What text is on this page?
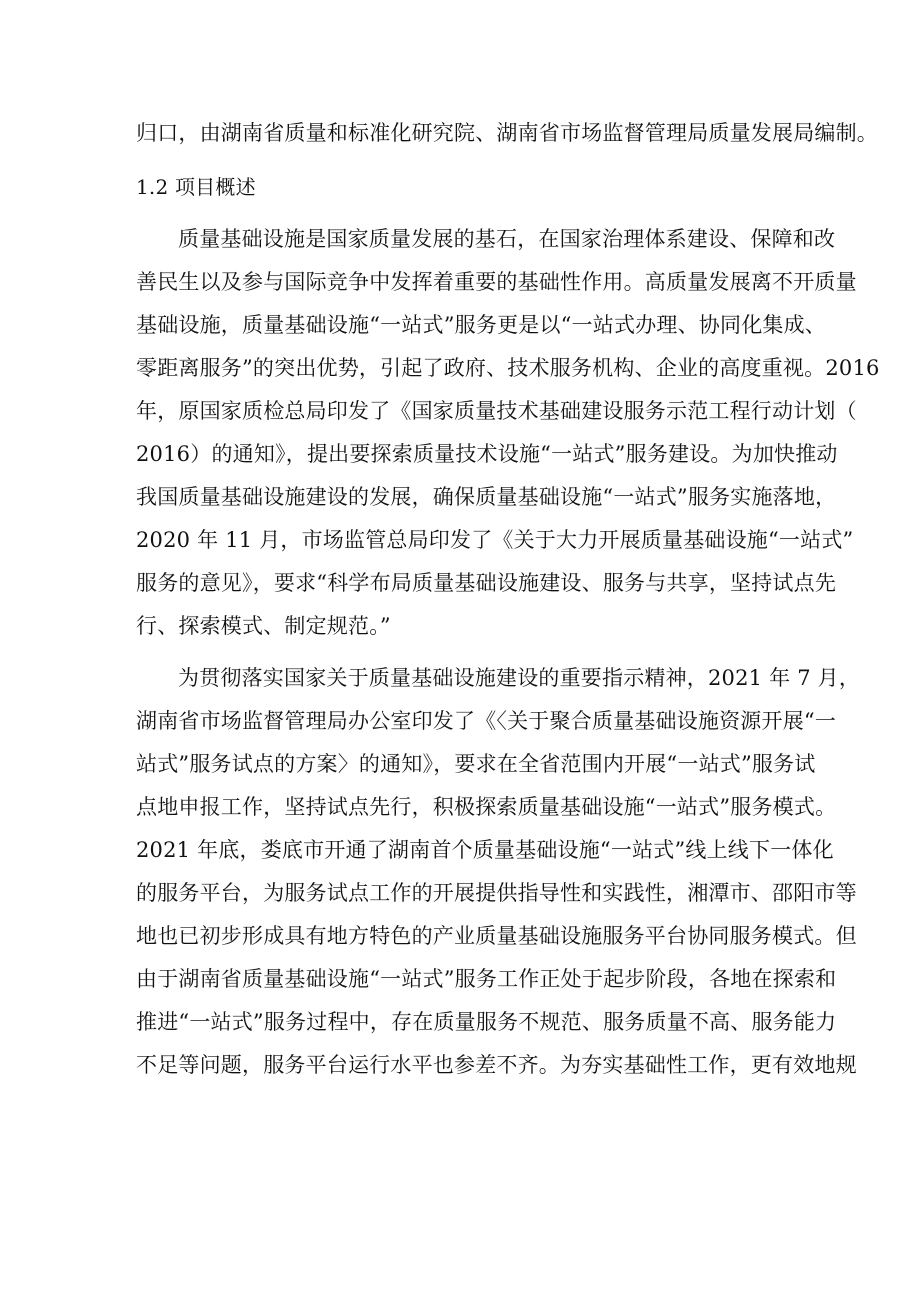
归口，由湖南省质量和标准化研究院、湖南省市场监督管理局质量发展局编制。
1.2 项目概述
质量基础设施是国家质量发展的基石，在国家治理体系建设、保障和改
善民生以及参与国际竞争中发挥着重要的基础性作用。高质量发展离不开质量
基础设施，质量基础设施“一站式”服务更是以“一站式办理、协同化集成、
零距离服务”的突出优势，引起了政府、技术服务机构、企业的高度重视。2016
年，原国家质检总局印发了《国家质量技术基础建设服务示范工程行动计划（
2016）的通知》，提出要探索质量技术设施“一站式”服务建设。为加快推动
我国质量基础设施建设的发展，确保质量基础设施“一站式”服务实施落地，
2020 年 11 月，市场监管总局印发了《关于大力开展质量基础设施“一站式”
服务的意见》，要求“科学布局质量基础设施建设、服务与共享，坚持试点先
行、探索模式、制定规范。”
为贯彻落实国家关于质量基础设施建设的重要指示精神，2021 年 7 月，
湖南省市场监督管理局办公室印发了《〈关于聚合质量基础设施资源开展“一
站式”服务试点的方案〉的通知》，要求在全省范围内开展“一站式”服务试
点地申报工作，坚持试点先行，积极探索质量基础设施“一站式”服务模式。
2021 年底，娄底市开通了湖南首个质量基础设施“一站式”线上线下一体化
的服务平台，为服务试点工作的开展提供指导性和实践性，湘潭市、邵阳市等
地也已初步形成具有地方特色的产业质量基础设施服务平台协同服务模式。但
由于湖南省质量基础设施“一站式”服务工作正处于起步阶段，各地在探索和
推进“一站式”服务过程中，存在质量服务不规范、服务质量不高、服务能力
不足等问题，服务平台运行水平也参差不齐。为夯实基础性工作，更有效地规
